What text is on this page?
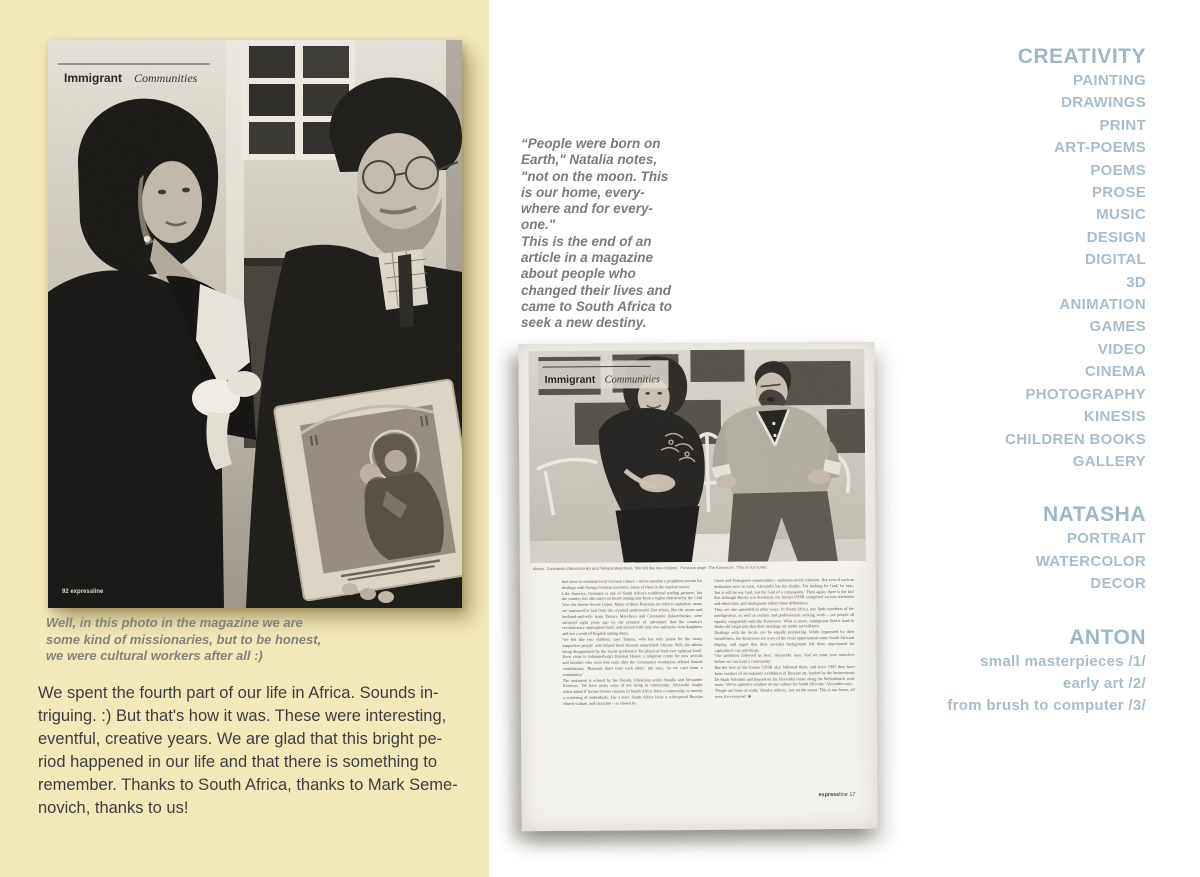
Well, in this photo in the magazine we are
some kind of missionaries, but to be honest,
we were cultural workers after all :)
We spent the fourth part of our life in Africa. Sounds in-
triguing. :) But that's how it was. These were interesting,
eventful, creative years. We are glad that this bright pe-
riod happened in our life and that there is something to
remember. Thanks to South Africa, thanks to Mark Seme-
novich, thanks to us!
“People were born on
Earth," Natalia notes,
"not on the moon. This
is our home, every-
where and for every-
one."
This is the end of an
article in a magazine
about people who
changed their lives and
came to South Africa to
seek a new destiny.
Above: Constantin Zakartchenko and Tamara Mascheva. 'We felt like two children.' Previous page: The Konovovs. 'This is our home.'
that serve to maintain local German culture – not to mention a propitious terrain for dealings with foreign German investors, many of them in the tourism sector.
Like America, Germany is one of South Africa's traditional trading partners, but the country has also taken on board immigrants from a region obscured by the Cold War: the former Soviet Union. Many of these Russians are reborn capitalists, many are rumoured to hail from the criminal underworld. But others, like the actors and husband-and-wife team Tamara Mascheva and Constantin Zakartchenko, were attracted eight years ago by the promise of 'adventure' that the country's revolutionary atmosphere held, and arrived with only two suitcases, twin daughters and not a word of English among them.
'We felt like two children,' says Tamara, who has only praise for the 'many supportive people' who helped them become naturalised citizens. Still, she admits being disappointed by the locals' preference 'for physical food over spiritual food'. Even visits to Johannesburg's Russian House, a religious centre for new arrivals and families who went into exile after the Communist revolution, offered limited consolations. 'Russians don't trust each other,' she says, 'so we can't form a community.'
The sentiment is echoed by her friends, Ukrainian artists Natalia and Alexander Konovov. 'We have many ways of not being in community,' Alexander laughs when asked if former Soviet citizens in South Africa form a community or merely a scattering of individuals. For a start, South Africa lacks a widespread Russian church-culture, and churches – as shown by
Greek and Portuguese communities – maintain social cohesion. But even if such an institution were to exist, Alexander has his doubts. 'I'm looking for God,' he says, 'but it will be my God, not the God of a community.' Then again, there is the fact that although Russia was dominant, the former USSR comprised various territories and ethnicities, and immigrants reflect these differences.
They are also unsettled in other ways. In South Africa, one finds members of the intelligentsia, as well as realists and professionals seeking work – not people all equally compatible with the Konovovs. What is more, immigrants find it hard to shake old suspicions that their meetings are under surveillance.
Dealings with the locals can be equally perplexing. While impressed by their friendliness, the Konovovs are wary of the retail opportunism some South Africans display, and regret that their socialist background left them unprepared for capitalism's cut-and-thrust.
'Our problems followed us here,' Alexander says, 'and we must cure ourselves before we can form a community.'
But the best of the former USSR also followed them, and since 1993 they have been curators of an exquisite exhibition of Russian art, funded by the businessman Dr Mark Voloshin and housed on his Hexendal estate along the Stellenbosch wine route. 'We've opened a window on our culture for South Africans,' Alexander says.
'People are born on earth,' Natalia reflects, 'not on the moon. This is our home, all over, for everyone.' ■
expressline 17
CREATIVITY
PAINTING
DRAWINGS
PRINT
ART-POEMS
POEMS
PROSE
MUSIC
DESIGN
DIGITAL
3D
ANIMATION
GAMES
VIDEO
CINEMA
PHOTOGRAPHY
KINESIS
CHILDREN BOOKS
GALLERY
NATASHA
PORTRAIT
WATERCOLOR
DECOR
ANTON
small masterpieces /1/
early art /2/
from brush to computer /3/
